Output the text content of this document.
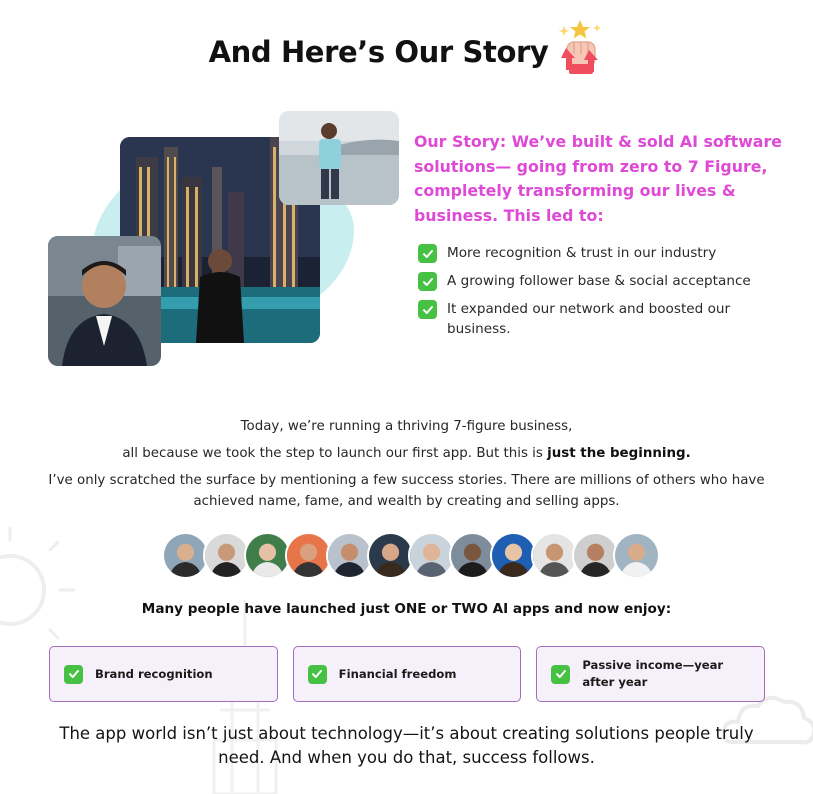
And Here’s Our Story
Our Story: We’ve built & sold AI software solutions— going from zero to 7 Figure, completely transforming our lives & business. This led to:
More recognition & trust in our industry
A growing follower base & social acceptance
It expanded our network and boosted our business.

Today, we’re running a thriving 7-figure business,

all because we took the step to launch our first app. But this is just the beginning.

I’ve only scratched the surface by mentioning a few success stories. There are millions of others who have achieved name, fame, and wealth by creating and selling apps.

Many people have launched just ONE or TWO AI apps and now enjoy:
Brand recognition	Financial freedom
Passive income—year after year
The app world isn’t just about technology—it’s about creating solutions people truly need. And when you do that, success follows.
